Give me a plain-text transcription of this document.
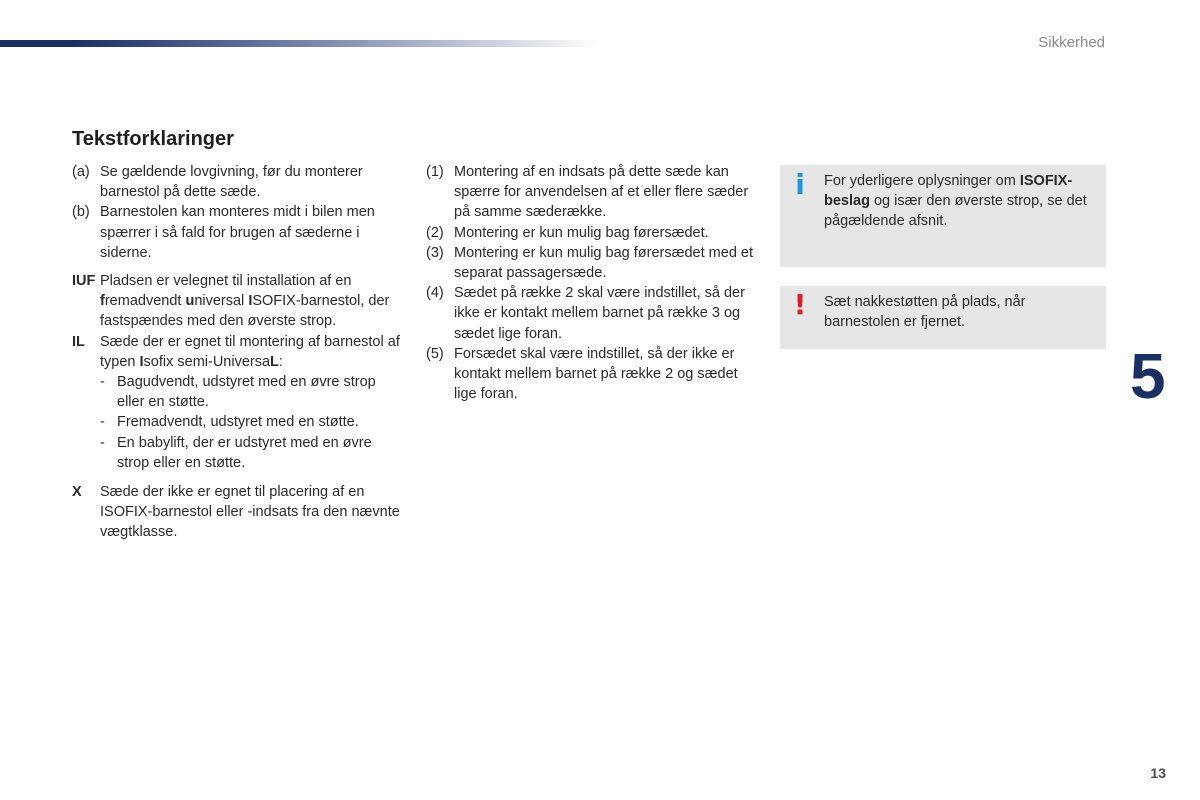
Sikkerhed
Tekstforklaringer
(a) Se gældende lovgivning, før du monterer barnestol på dette sæde.
(b) Barnestolen kan monteres midt i bilen men spærrer i så fald for brugen af sæderne i siderne.
IUF Pladsen er velegnet til installation af en fremadvendt universal ISOFIX-barnestol, der fastspændes med den øverste strop.
IL Sæde der er egnet til montering af barnestol af typen Isofix semi-UniversaL:
- Bagudvendt, udstyret med en øvre strop eller en støtte.
- Fremadvendt, udstyret med en støtte.
- En babylift, der er udstyret med en øvre strop eller en støtte.
X Sæde der ikke er egnet til placering af en ISOFIX-barnestol eller -indsats fra den nævnte vægtklasse.
(1) Montering af en indsats på dette sæde kan spærre for anvendelsen af et eller flere sæder på samme sæderække.
(2) Montering er kun mulig bag førersædet.
(3) Montering er kun mulig bag førersædet med et separat passagersæde.
(4) Sædet på række 2 skal være indstillet, så der ikke er kontakt mellem barnet på række 3 og sædet lige foran.
(5) Forsædet skal være indstillet, så der ikke er kontakt mellem barnet på række 2 og sædet lige foran.
i For yderligere oplysninger om ISOFIX-beslag og især den øverste strop, se det pågældende afsnit.
! Sæt nakkestøtten på plads, når barnestolen er fjernet.
5
13
